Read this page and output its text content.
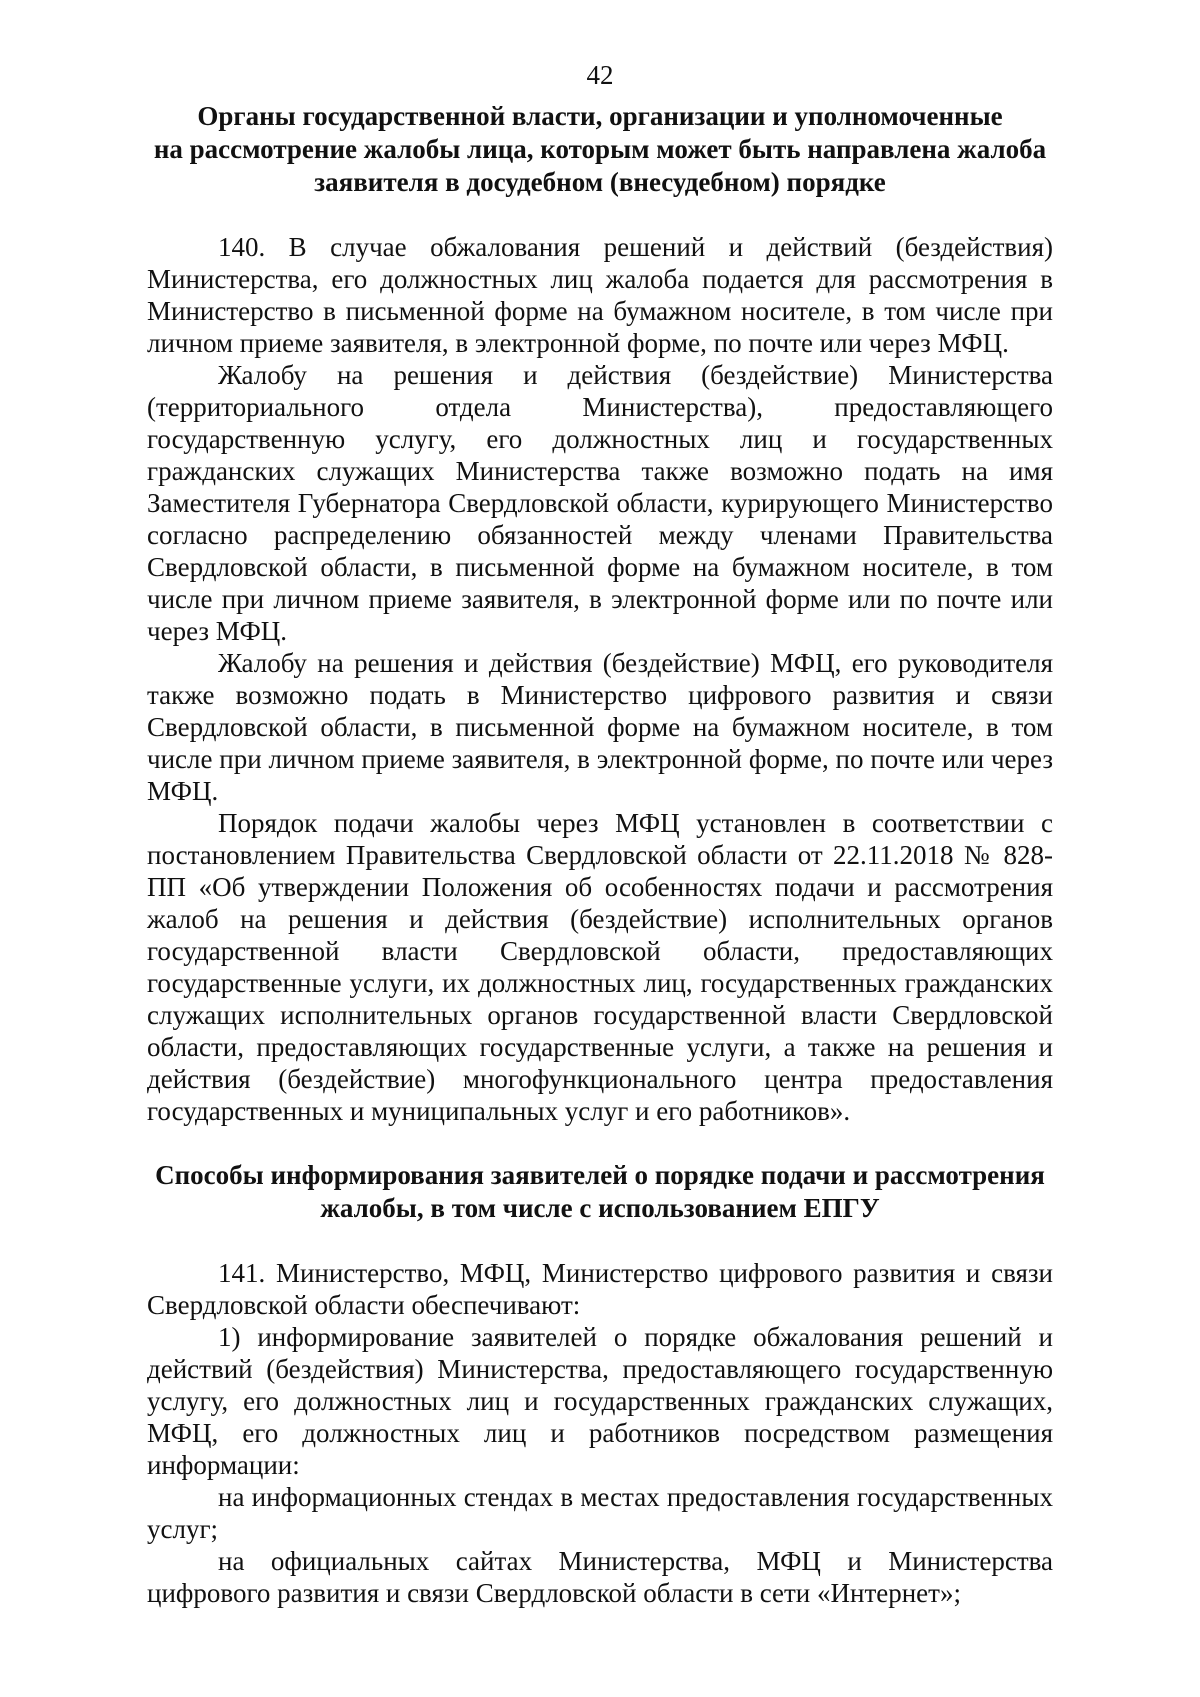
42
Органы государственной власти, организации и уполномоченные
на рассмотрение жалобы лица, которым может быть направлена жалоба
заявителя в досудебном (внесудебном) порядке

140. В случае обжалования решений и действий (бездействия) Министерства, его должностных лиц жалоба подается для рассмотрения в Министерство в письменной форме на бумажном носителе, в том числе при личном приеме заявителя, в электронной форме, по почте или через МФЦ.

Жалобу на решения и действия (бездействие) Министерства (территориального отдела Министерства), предоставляющего государственную услугу, его должностных лиц и государственных гражданских служащих Министерства также возможно подать на имя Заместителя Губернатора Свердловской области, курирующего Министерство согласно распределению обязанностей между членами Правительства Свердловской области, в письменной форме на бумажном носителе, в том числе при личном приеме заявителя, в электронной форме или по почте или через МФЦ.

Жалобу на решения и действия (бездействие) МФЦ, его руководителя также возможно подать в Министерство цифрового развития и связи Свердловской области, в письменной форме на бумажном носителе, в том числе при личном приеме заявителя, в электронной форме, по почте или через МФЦ.

Порядок подачи жалобы через МФЦ установлен в соответствии с постановлением Правительства Свердловской области от 22.11.2018 № 828-ПП «Об утверждении Положения об особенностях подачи и рассмотрения жалоб на решения и действия (бездействие) исполнительных органов государственной власти Свердловской области, предоставляющих государственные услуги, их должностных лиц, государственных гражданских служащих исполнительных органов государственной власти Свердловской области, предоставляющих государственные услуги, а также на решения и действия (бездействие) многофункционального центра предоставления государственных и муниципальных услуг и его работников».

Способы информирования заявителей о порядке подачи и рассмотрения
жалобы, в том числе с использованием ЕПГУ

141. Министерство, МФЦ, Министерство цифрового развития и связи Свердловской области обеспечивают:

1) информирование заявителей о порядке обжалования решений и действий (бездействия) Министерства, предоставляющего государственную услугу, его должностных лиц и государственных гражданских служащих, МФЦ, его должностных лиц и работников посредством размещения информации:

на информационных стендах в местах предоставления государственных услуг;

на официальных сайтах Министерства, МФЦ и Министерства цифрового развития и связи Свердловской области в сети «Интернет»;
